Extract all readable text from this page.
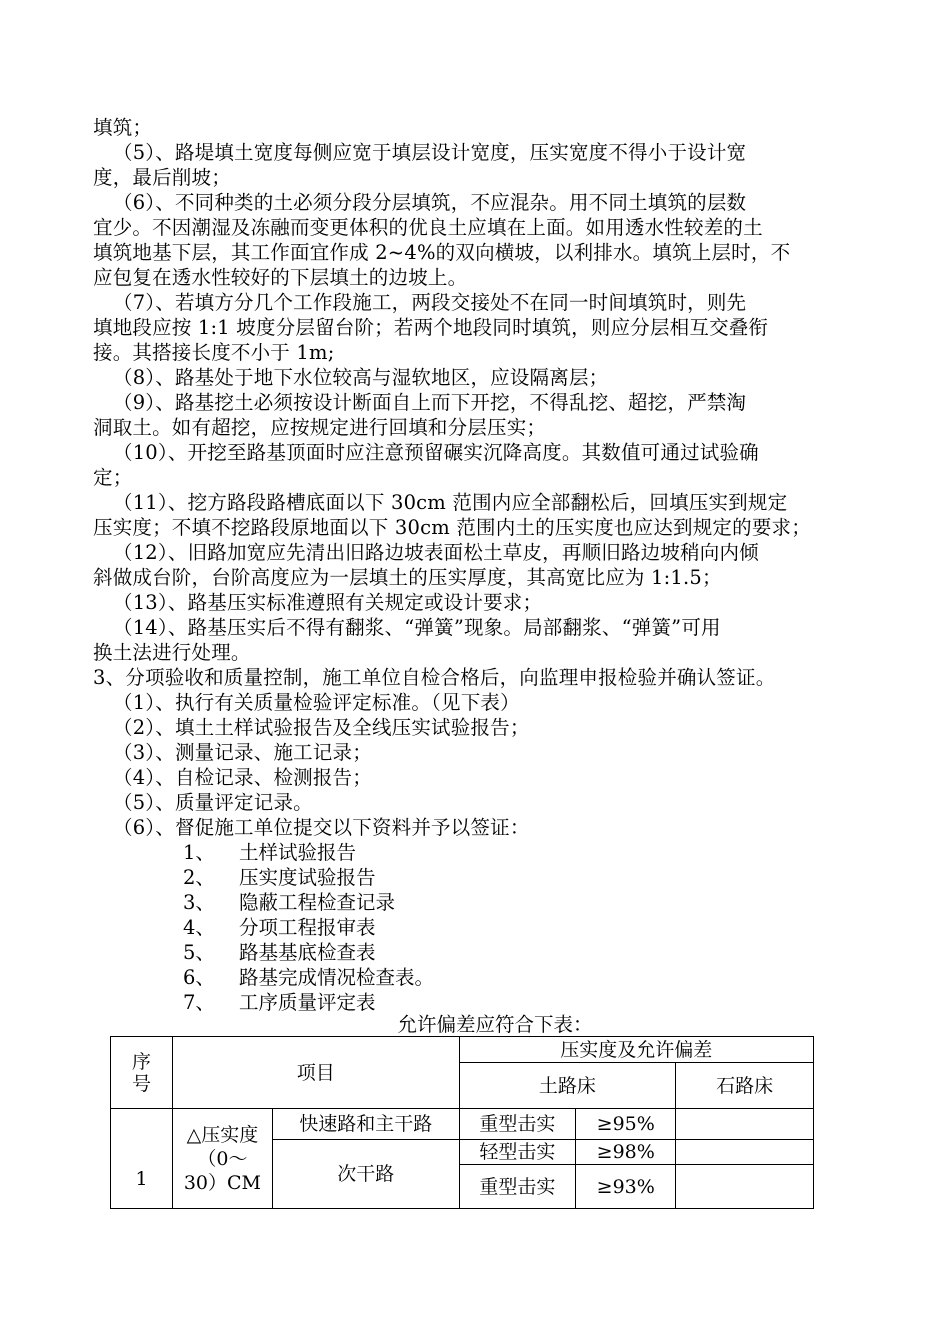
填筑；
（5）、路堤填土宽度每侧应宽于填层设计宽度，压实宽度不得小于设计宽
度，最后削坡；
（6）、不同种类的土必须分段分层填筑，不应混杂。用不同土填筑的层数
宜少。不因潮湿及冻融而变更体积的优良土应填在上面。如用透水性较差的土
填筑地基下层，其工作面宜作成 2~4%的双向横坡，以利排水。填筑上层时，不
应包复在透水性较好的下层填土的边坡上。
（7）、若填方分几个工作段施工，两段交接处不在同一时间填筑时，则先
填地段应按 1:1 坡度分层留台阶；若两个地段同时填筑，则应分层相互交叠衔
接。其搭接长度不小于 1m;
（8）、路基处于地下水位较高与湿软地区，应设隔离层；
（9）、路基挖土必须按设计断面自上而下开挖，不得乱挖、超挖，严禁淘
洞取土。如有超挖，应按规定进行回填和分层压实；
（10）、开挖至路基顶面时应注意预留碾实沉降高度。其数值可通过试验确
定；
（11）、挖方路段路槽底面以下 30cm 范围内应全部翻松后，回填压实到规定
压实度；不填不挖路段原地面以下 30cm 范围内土的压实度也应达到规定的要求；
（12）、旧路加宽应先清出旧路边坡表面松土草皮，再顺旧路边坡稍向内倾
斜做成台阶，台阶高度应为一层填土的压实厚度，其高宽比应为 1:1.5；
（13）、路基压实标准遵照有关规定或设计要求；
（14）、路基压实后不得有翻浆、“弹簧”现象。局部翻浆、“弹簧”可用
换土法进行处理。
3、分项验收和质量控制，施工单位自检合格后，向监理申报检验并确认签证。
（1）、执行有关质量检验评定标准。（见下表）
（2）、填土土样试验报告及全线压实试验报告；
（3）、测量记录、施工记录；
（4）、自检记录、检测报告；
（5）、质量评定记录。
（6）、督促施工单位提交以下资料并予以签证：
1、 土样试验报告
2、 压实度试验报告
3、 隐蔽工程检查记录
4、 分项工程报审表
5、 路基基底检查表
6、 路基完成情况检查表。
7、 工序质量评定表
允许偏差应符合下表：
序号	项目		压实度及允许偏差		
			土路床		石路床
1	△压实度（0～30）CM	快速路和主干路	重型击实	≥95%	
		次干路	轻型击实	≥98%	
			重型击实	≥93%	
